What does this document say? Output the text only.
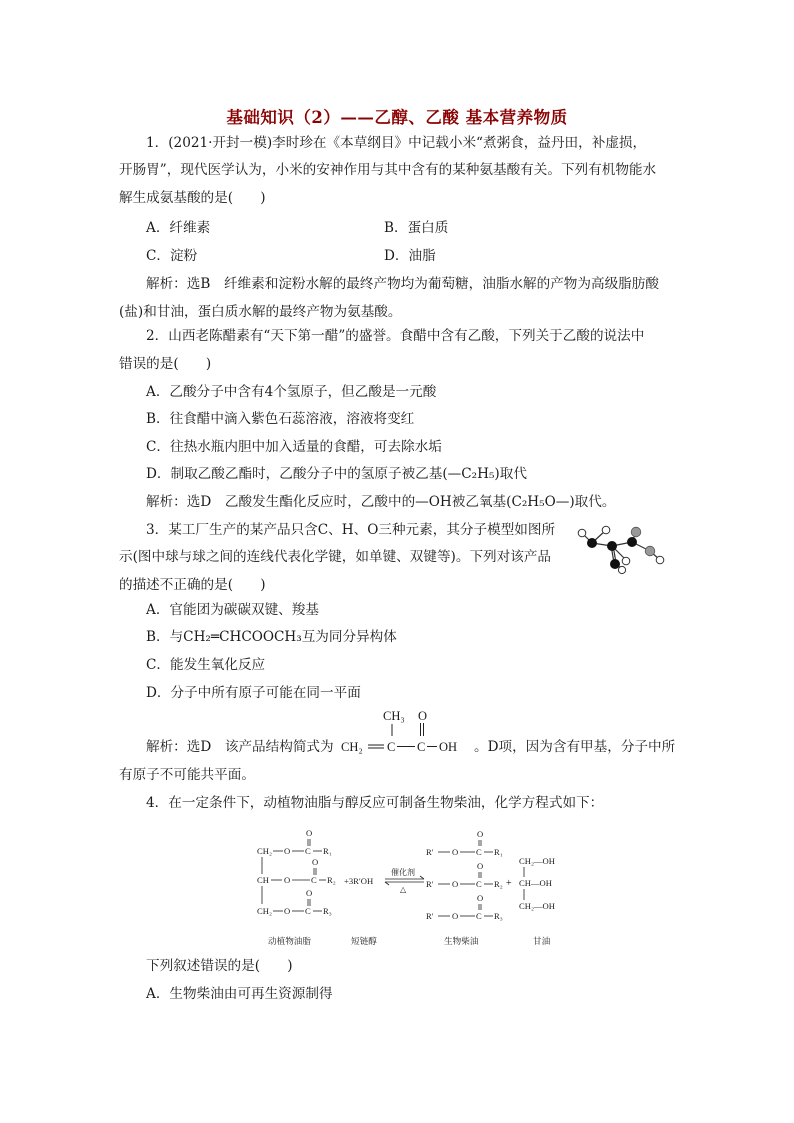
基础知识（2）——乙醇、乙酸 基本营养物质
1．(2021·开封一模)李时珍在《本草纲目》中记载小米“煮粥食，益丹田，补虚损，
开肠胃”，现代医学认为，小米的安神作用与其中含有的某种氨基酸有关。下列有机物能水
解生成氨基酸的是(　　)
A．纤维素	B．蛋白质
C．淀粉	D．油脂
解析：选B　纤维素和淀粉水解的最终产物均为葡萄糖，油脂水解的产物为高级脂肪酸
(盐)和甘油，蛋白质水解的最终产物为氨基酸。
2．山西老陈醋素有“天下第一醋”的盛誉。食醋中含有乙酸，下列关于乙酸的说法中
错误的是(　　)
A．乙酸分子中含有4个氢原子，但乙酸是一元酸
B．往食醋中滴入紫色石蕊溶液，溶液将变红
C．往热水瓶内胆中加入适量的食醋，可去除水垢
D．制取乙酸乙酯时，乙酸分子中的氢原子被乙基(—C₂H₅)取代
解析：选D　乙酸发生酯化反应时，乙酸中的—OH被乙氧基(C₂H₅O—)取代。
3．某工厂生产的某产品只含C、H、O三种元素，其分子模型如图所
示(图中球与球之间的连线代表化学键，如单键、双键等)。下列对该产品
的描述不正确的是(　　)
A．官能团为碳碳双键、羧基
B．与CH₂═CHCOOCH₃互为同分异构体
C．能发生氧化反应
D．分子中所有原子可能在同一平面
CH₃ O
CH₂ C C OH
解析：选D　该产品结构简式为	。D项，因为含有甲基，分子中所
有原子不可能共平面。
4．在一定条件下，动植物油脂与醇反应可制备生物柴油，化学方程式如下：
O
CH₂ O C R₁
O
CH O C R₂
O
CH₂ O C R₃
+3R′OH
催化剂
△
O
R′ O C R₁
O
R′ O C R₂
O
R′ O C R₃
+
CH₂—OH
CH—OH
CH₂—OH
动植物油脂	短链醇	生物柴油	甘油
下列叙述错误的是(　　)
A．生物柴油由可再生资源制得
